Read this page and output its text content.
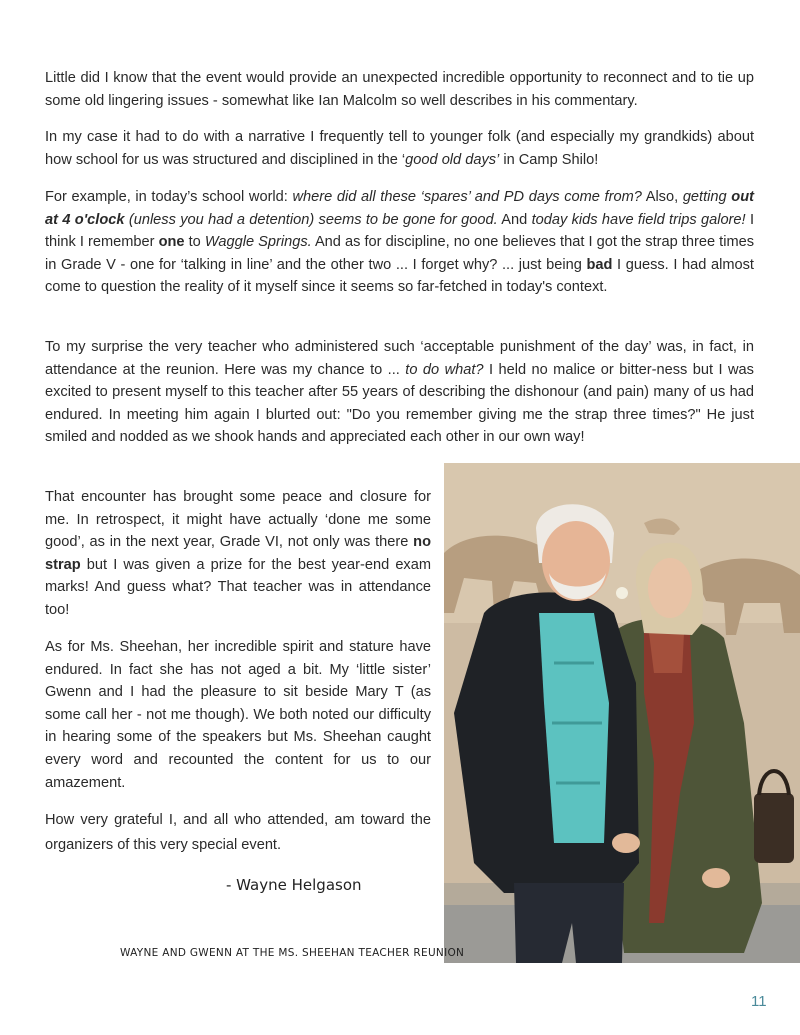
Little did I know that the event would provide an unexpected incredible opportunity to reconnect and to tie up some old lingering issues - somewhat like Ian Malcolm so well describes in his commentary.

In my case it had to do with a narrative I frequently tell to younger folk (and especially my grandkids) about how school for us was structured and disciplined in the ‘good old days’ in Camp Shilo!

For example, in today’s school world: where did all these ‘spares’ and PD days come from? Also, getting out at 4 o'clock (unless you had a detention) seems to be gone for good. And today kids have field trips galore! I think I remember one to Waggle Springs. And as for discipline, no one believes that I got the strap three times in Grade V - one for ‘talking in line’ and the other two ... I forget why? ... just being bad I guess. I had almost come to question the reality of it myself since it seems so far-fetched in today's context.

To my surprise the very teacher who administered such ‘acceptable punishment of the day’ was, in fact, in attendance at the reunion. Here was my chance to ... to do what? I held no malice or bitter-ness but I was excited to present myself to this teacher after 55 years of describing the dishonour (and pain) many of us had endured. In meeting him again I blurted out: "Do you remember giving me the strap three times?" He just smiled and nodded as we shook hands and appreciated each other in our own way!

That encounter has brought some peace and closure for me. In retrospect, it might have actually ‘done me some good’, as in the next year, Grade VI, not only was there no strap but I was given a prize for the best year-end exam marks! And guess what? That teacher was in attendance too!

As for Ms. Sheehan, her incredible spirit and stature have endured. In fact she has not aged a bit. My ‘little sister’ Gwenn and I had the pleasure to sit beside Mary T (as some call her - not me though). We both noted our difficulty in hearing some of the speakers but Ms. Sheehan caught every word and recounted the content for us to our amazement.

How very grateful I, and all who attended, am toward the organizers of this very special event.

- Wayne Helgason
WAYNE AND GWENN AT THE MS. SHEEHAN TEACHER REUNION
11
